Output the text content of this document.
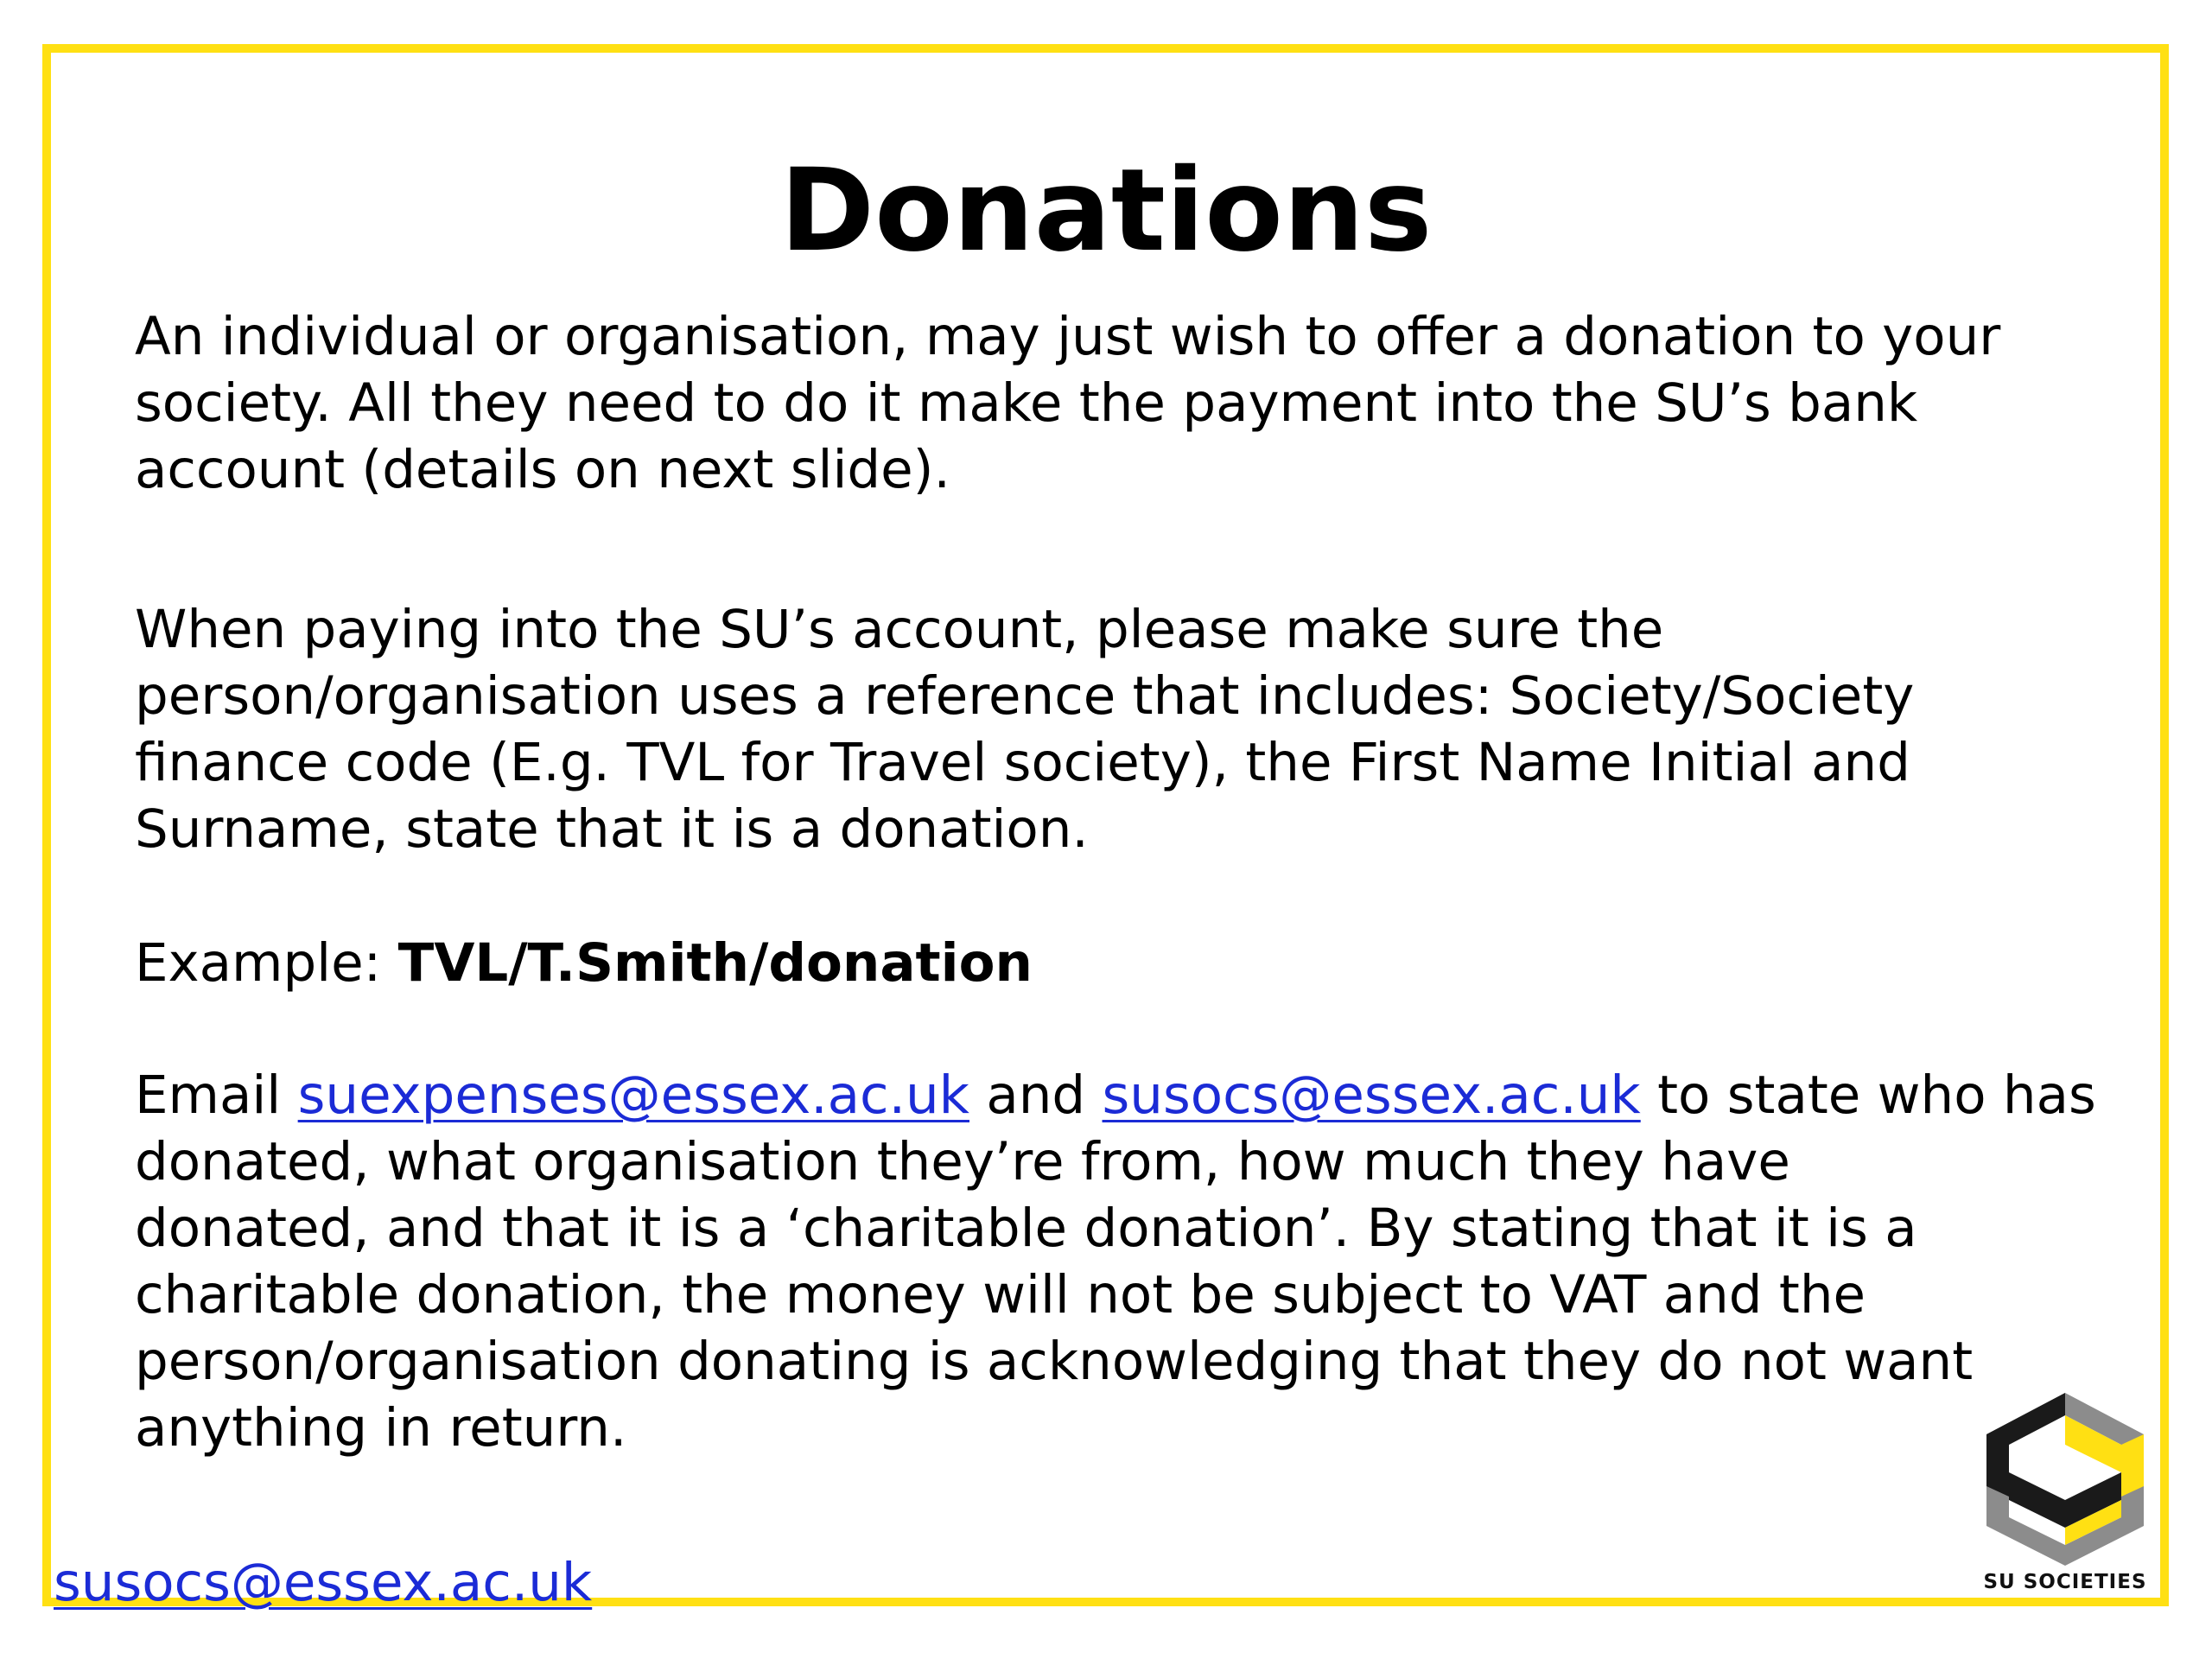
Donations
An individual or organisation, may just wish to offer a donation to your
society. All they need to do it make the payment into the SU’s bank
account (details on next slide).
When paying into the SU’s account, please make sure the
person/organisation uses a reference that includes: Society/Society
finance code (E.g. TVL for Travel society), the First Name Initial and
Surname, state that it is a donation.
Example: TVL/T.Smith/donation
Email suexpenses@essex.ac.uk and susocs@essex.ac.uk to state who has
donated, what organisation they’re from, how much they have
donated, and that it is a ‘charitable donation’. By stating that it is a
charitable donation, the money will not be subject to VAT and the
person/organisation donating is acknowledging that they do not want
anything in return.
susocs@essex.ac.uk	SU SOCIETIES
